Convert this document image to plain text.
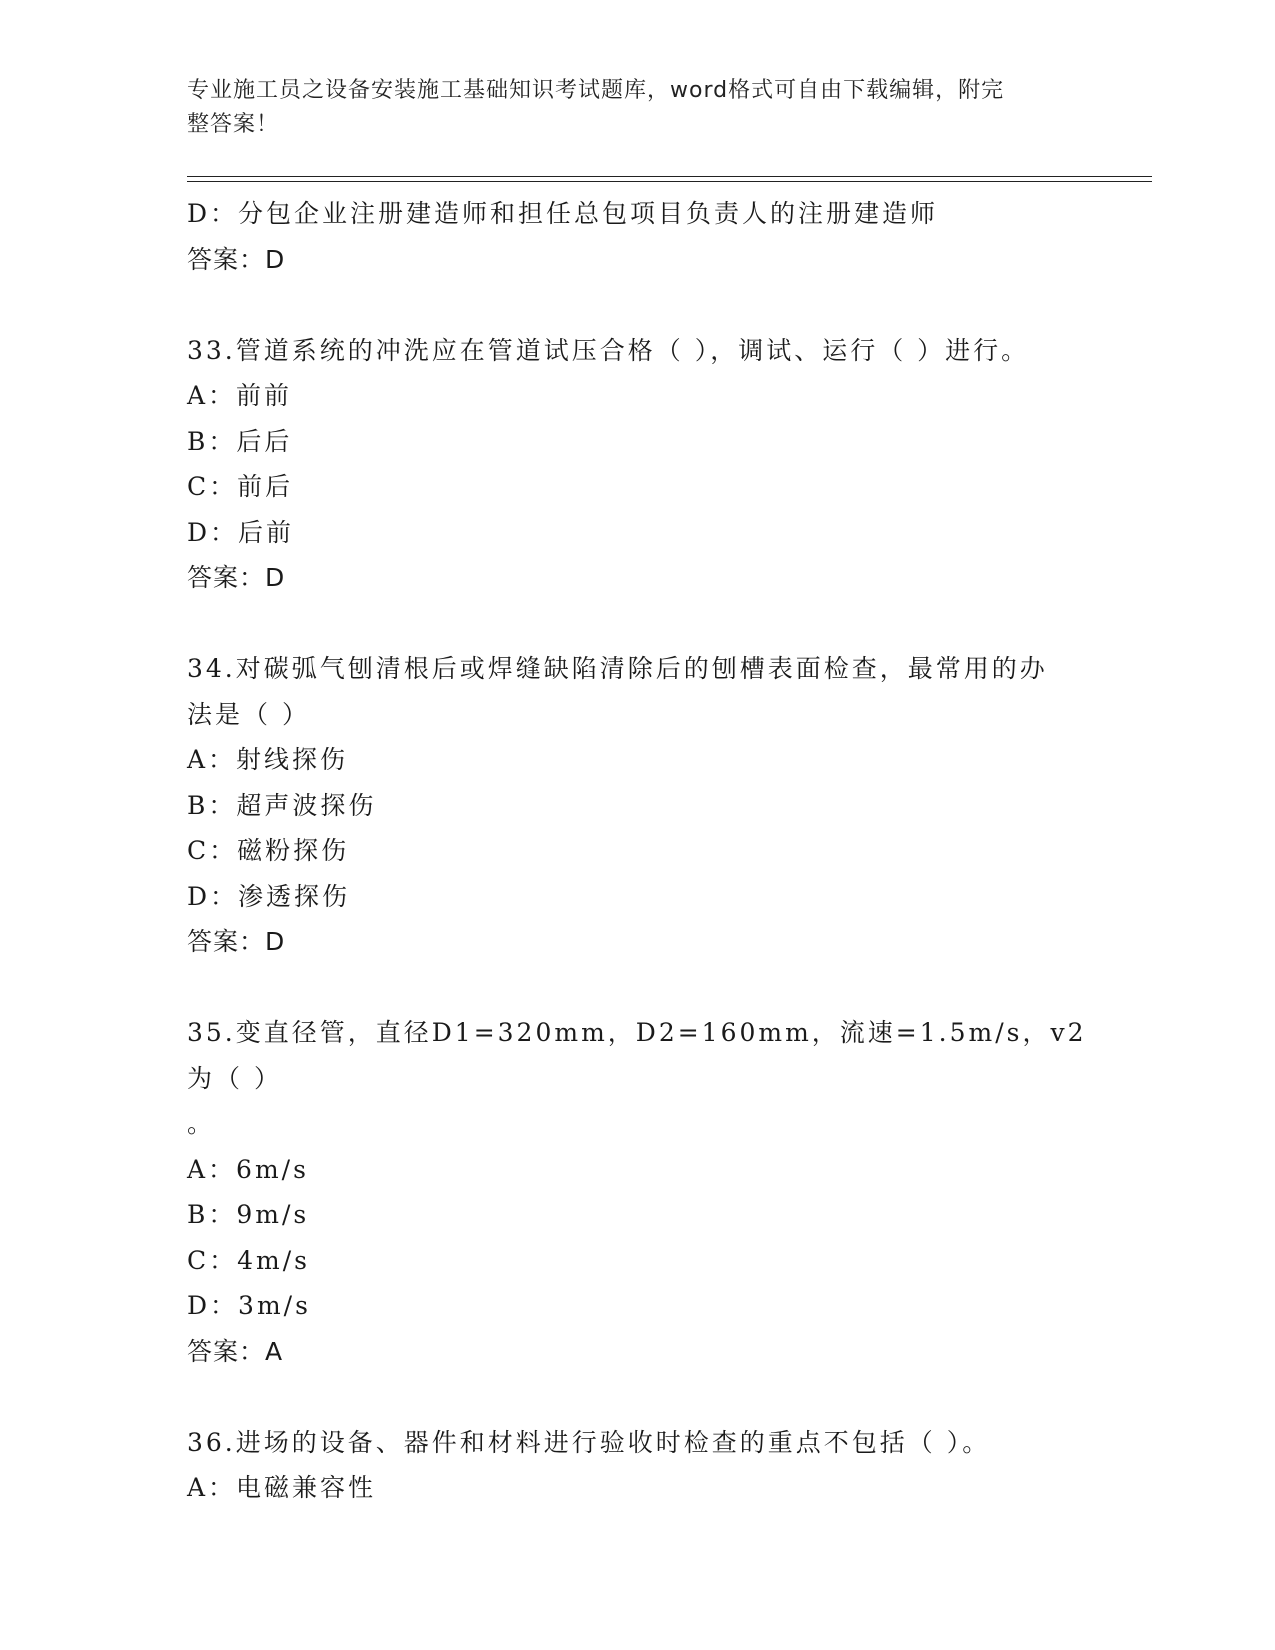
专业施工员之设备安装施工基础知识考试题库，word格式可自由下载编辑，附完
整答案！
D：分包企业注册建造师和担任总包项目负责人的注册建造师
答案：D
33.管道系统的冲洗应在管道试压合格（ ），调试、运行（ ）进行。
A：前前
B：后后
C：前后
D：后前
答案：D
34.对碳弧气刨清根后或焊缝缺陷清除后的刨槽表面检查，最常用的办
法是（ ）
A：射线探伤
B：超声波探伤
C：磁粉探伤
D：渗透探伤
答案：D
35.变直径管，直径D1=320mm，D2=160mm，流速=1.5m/s，v2为（ ）
。
A：6m/s
B：9m/s
C：4m/s
D：3m/s
答案：A
36.进场的设备、器件和材料进行验收时检查的重点不包括（ ）。
A：电磁兼容性
